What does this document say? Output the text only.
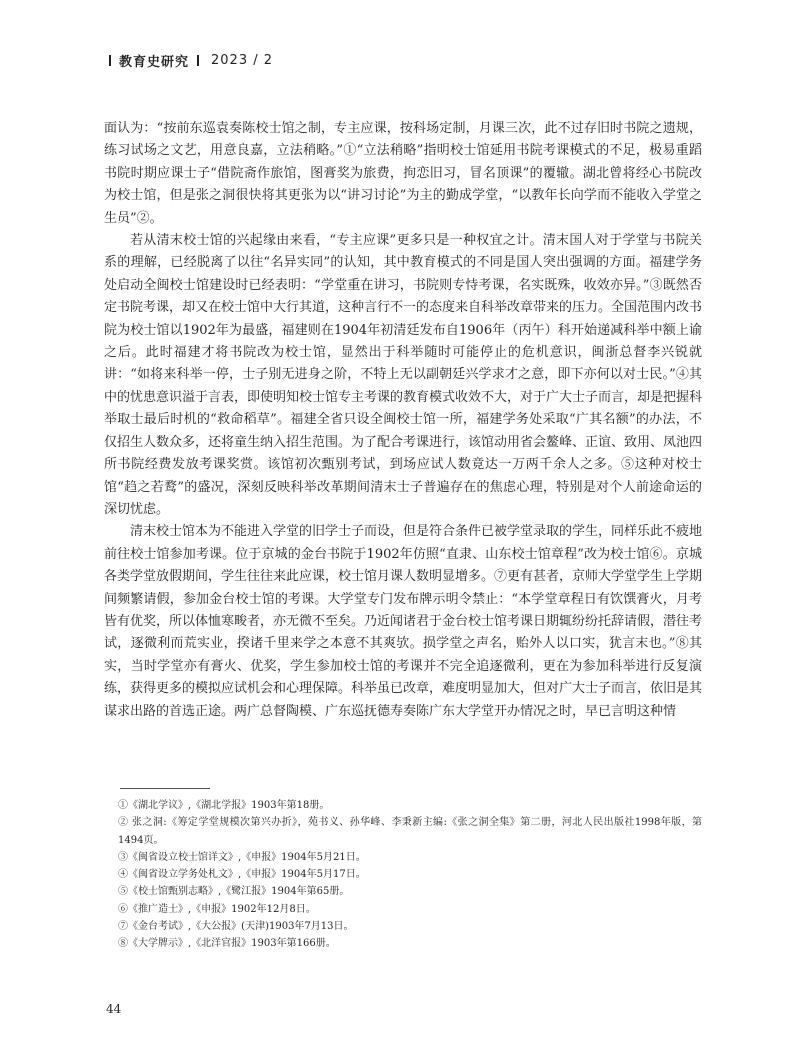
教育史研究 2023 / 2

面认为：“按前东巡袁奏陈校士馆之制，专主应课，按科场定制，月课三次，此不过存旧时书院之遗规，练习试场之文艺，用意良嘉，立法稍略。”①“立法稍略”指明校士馆延用书院考课模式的不足，极易重蹈书院时期应课士子“借院斋作旅馆，图膏奖为旅费，拘恋旧习，冒名顶课”的覆辙。湖北曾将经心书院改为校士馆，但是张之洞很快将其更张为以“讲习讨论”为主的勤成学堂，“以教年长向学而不能收入学堂之生员”②。

若从清末校士馆的兴起缘由来看，“专主应课”更多只是一种权宜之计。清末国人对于学堂与书院关系的理解，已经脱离了以往“名异实同”的认知，其中教育模式的不同是国人突出强调的方面。福建学务处启动全闽校士馆建设时已经表明：“学堂重在讲习，书院则专恃考课，名实既殊，收效亦异。”③既然否定书院考课，却又在校士馆中大行其道，这种言行不一的态度来自科举改章带来的压力。全国范围内改书院为校士馆以1902年为最盛，福建则在1904年初清廷发布自1906年（丙午）科开始递减科举中额上谕之后。此时福建才将书院改为校士馆，显然出于科举随时可能停止的危机意识，闽浙总督李兴锐就讲：“如将来科举一停，士子别无进身之阶，不特上无以副朝廷兴学求才之意，即下亦何以对士民。”④其中的忧患意识溢于言表，即使明知校士馆专主考课的教育模式收效不大，对于广大士子而言，却是把握科举取士最后时机的“救命稻草”。福建全省只设全闽校士馆一所，福建学务处采取“广其名额”的办法，不仅招生人数众多，还将童生纳入招生范围。为了配合考课进行，该馆动用省会鳌峰、正谊、致用、凤池四所书院经费发放考课奖赏。该馆初次甄别考试，到场应试人数竟达一万两千余人之多。⑤这种对校士馆“趋之若鹜”的盛况，深刻反映科举改革期间清末士子普遍存在的焦虑心理，特别是对个人前途命运的深切忧虑。

清末校士馆本为不能进入学堂的旧学士子而设，但是符合条件已被学堂录取的学生，同样乐此不疲地前往校士馆参加考课。位于京城的金台书院于1902年仿照“直隶、山东校士馆章程”改为校士馆⑥。京城各类学堂放假期间，学生往往来此应课，校士馆月课人数明显增多。⑦更有甚者，京师大学堂学生上学期间频繁请假，参加金台校士馆的考课。大学堂专门发布牌示明令禁止：“本学堂章程日有饮馔膏火，月考皆有优奖，所以体恤寒畯者，亦无微不至矣。乃近闻诸君于金台校士馆考课日期辄纷纷托辞请假，潜往考试，逐微利而荒实业，揆诸千里来学之本意不其爽欤。损学堂之声名，贻外人以口实，犹言末也。”⑧其实，当时学堂亦有膏火、优奖，学生参加校士馆的考课并不完全追逐微利，更在为参加科举进行反复演练，获得更多的模拟应试机会和心理保障。科举虽已改章，难度明显加大，但对广大士子而言，依旧是其谋求出路的首选正途。两广总督陶模、广东巡抚德寿奏陈广东大学堂开办情况之时，早已言明这种情

①《湖北学议》,《湖北学报》1903年第18册。

② 张之洞:《筹定学堂规模次第兴办折》，苑书义、孙华峰、李秉新主编:《张之洞全集》第二册，河北人民出版社1998年版，第1494页。

③《闽省设立校士馆详文》,《申报》1904年5月21日。

④《闽省设立学务处札文》,《申报》1904年5月17日。

⑤《校士馆甄别志略》,《鹭江报》1904年第65册。

⑥《推广造士》,《申报》1902年12月8日。

⑦《金台考试》,《大公报》(天津)1903年7月13日。

⑧《大学牌示》,《北洋官报》1903年第166册。

44
